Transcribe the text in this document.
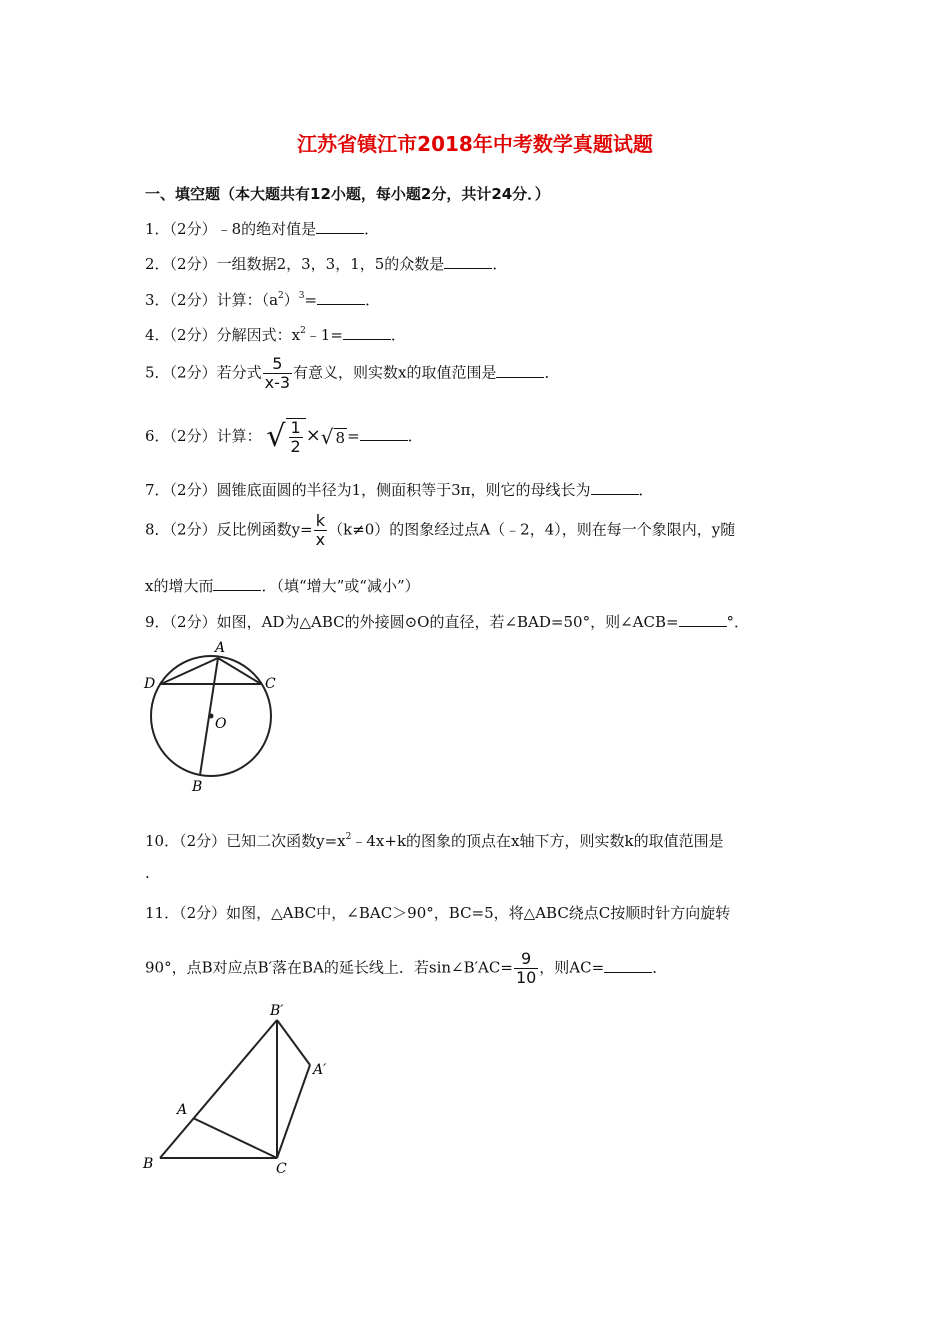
江苏省镇江市2018年中考数学真题试题
一、填空题（本大题共有12小题，每小题2分，共计24分．）
1．（2分）﹣8的绝对值是	．
2．（2分）一组数据2，3，3，1，5的众数是	．
3．（2分）计算：$(a^2)^3=$	．
4．（2分）分解因式：$x^2﹣1=$	．
5．（2分）若分式 $\frac{5}{x-3}$ 有意义，则实数x的取值范围是	．
6．（2分）计算： √ $\frac{1}{2}$ × √ 8 =	．
7．（2分）圆锥底面圆的半径为1，侧面积等于3π，则它的母线长为	．
8．（2分）反比例函数$y= \frac{k}{x} (k\ne 0)$的图象经过点A（﹣2，4），则在每一个象限内，y随
x的增大而	．（填“增大”或“减小”）
9．（2分）如图，AD为△ABC的外接圆⊙O的直径，若∠BAD=50°，则∠ACB=	°．
A
D	C
O
B
10．（2分）已知二次函数$y=x^2﹣4x+k$的图象的顶点在x轴下方，则实数k的取值范围是
.
11．（2分）如图，△ABC中，∠BAC＞90°，BC=5，将△ABC绕点C按顺时针方向旋转
90°，点B对应点B′落在BA的延长线上．若sin∠B′AC= $\frac{9}{10}$ ，则AC=	．
B′
A′
A
B	C
